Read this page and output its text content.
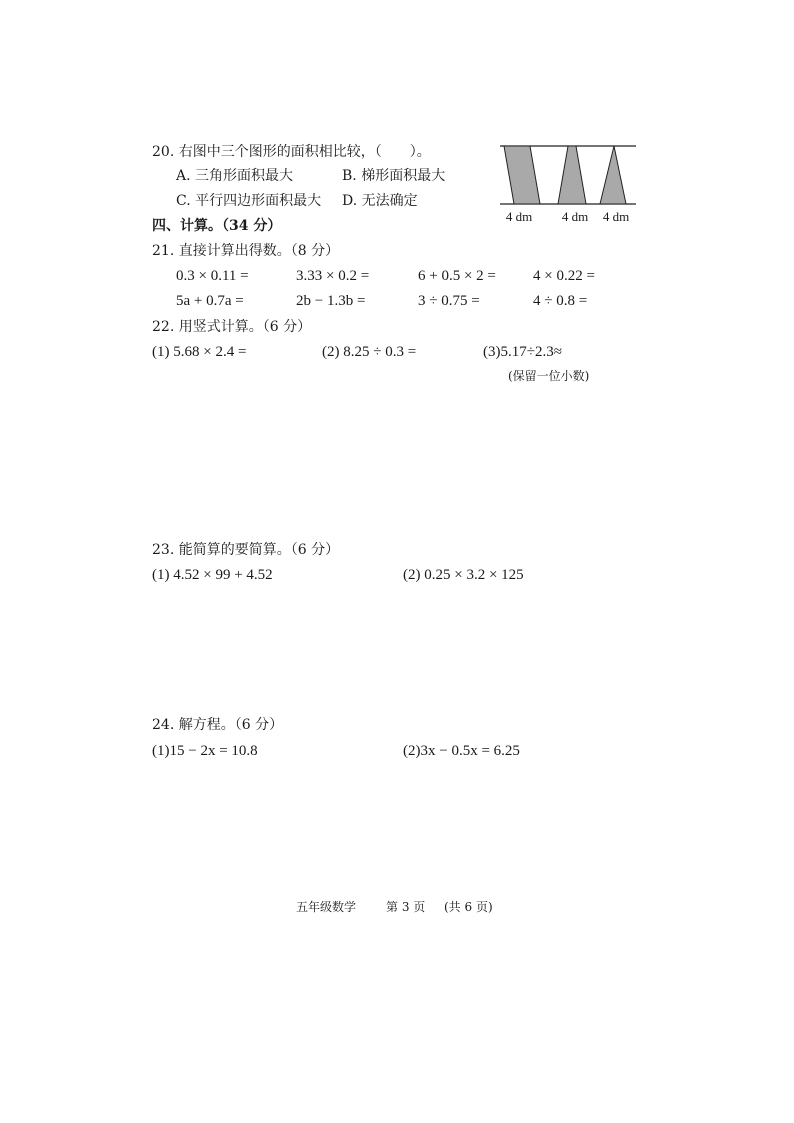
20. 右图中三个图形的面积相比较，（　　）。
A. 三角形面积最大	B. 梯形面积最大
C. 平行四边形面积最大 D. 无法确定
4 dm 4 dm 4 dm
四、计算。（34 分）
21. 直接计算出得数。（8 分）
0.3 × 0.11 =	3.33 × 0.2 =	6 + 0.5 × 2 = 4 × 0.22 =
5a + 0.7a =	2b − 1.3b =	3 ÷ 0.75 =	4 ÷ 0.8 =
22. 用竖式计算。（6 分）
(1) 5.68 × 2.4 =	(2) 8.25 ÷ 0.3 =	(3)5.17÷2.3≈
(保留一位小数)
23. 能简算的要简算。（6 分）
(1) 4.52 × 99 + 4.52	(2) 0.25 × 3.2 × 125
24. 解方程。（6 分）
(1)15 − 2x = 10.8	(2)3x − 0.5x = 6.25
五年级数学 第 3 页 (共 6 页)
